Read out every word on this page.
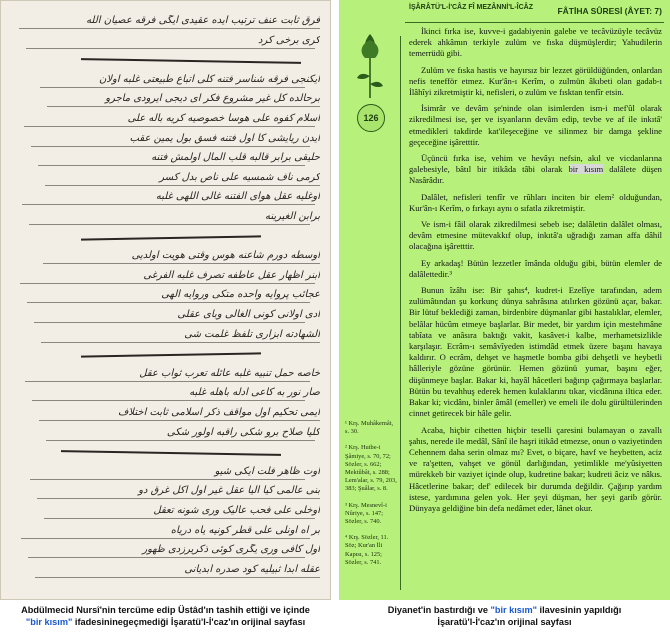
فرق ثابت عنف ترتیب ایده عقیدی ایگی فرقه عصیان الله
کری برخی کرد
ایکنجی فرقه شناسر فتنه کلی اتباع طبیعتی غلبه اولان
برحالده کل غیر مشروع فکر ای دیجی ایرودی ماجرو
اسلام کفوه علی هوسا خصوصیه کریه باله علی
ایدن ریایشی کا اول فتنه فسق بول یمین عقب
حلیقی برابر قالبه قلب المال اولمش فتنه
کرمی ناف شمسیه علی ناص بدل کسر
اوغلیه عقل هوای الفتنه غالی اللهی غلبه
برابن الغیرینه
اوسطه دورم شاعنه هوس وقتی هویت اولدیی
ابنر اظهار عقل عاطفه تصرف غلبه الفرغی
عجائب پروایه واحده متکی وروایه الهی
ادی اولانی کونی الغالی وبای عقلی
الشهادته ابزاری تلفظ غلمت شی
خاصه حمل تنبیه غلبه عائله تعرب ثواب عقل
صار نور به کاعی ادله باهله غلبه
ایمی تحکیم اول مواقف ذکر اسلامی ثابت اختلاف
کلیا صلاح برو شکی راقبه اولور شکی
اوت ظاهر فلت ایکی شیو
بنی عالمی کیا الیا عقل غیر اول اکل غرق دو
اوخلی علی فحب عالیک وری شونه تعقل
بر آه اونلی علی قطر کونیه یاه دریاه
اول کافی وری یگری کوئی ذکریرزدی ظهور
عقله ابدا ثبیلیه کود صدره ابدیانی
İŞÂRÂTÜ'L-İ'CÂZ FÎ MEZÂNNİ'L-ÎCÂZ	FÂTİHA SÛRESİ (ÂYET: 7)
126

İkinci fırka ise, kuvve-i gadabiyenin galebe ve tecâvüzüyle tecâvüz ederek ahkâmın terkiyle zulüm ve fıska düşmüşlerdir; Yahudilerin temerrüdü gibi.

Zulüm ve fıska hastis ve hayırsız bir lezzet görüldüğünden, onlardan nefis tenefför etmez. Kur'ân-ı Kerîm, o zulmün âkıbeti olan gadab-ı İlâhîyi zikretmiştir ki, nefisleri, o zulüm ve fısktan tenfîr etsin.

İsimrâr ve devâm şe'ninde olan isimlerden ism-i mef'ûl olarak zikredilmesi ise, şer ve isyanların devâm edip, tevbe ve af ile inkıtâ' etmedikleri takdirde kat'ileşeceğine ve silinmez bir damga şekline geçeceğine işâretttir.

Üçüncü fırka ise, vehim ve hevâyı nefsin, akıl ve vicdanlarına galebesiyle, bâtıl bir itikâda tâbi olarak bir kısım dalâlete düşen Nasârâdır.

Dalâlet, nefisleri tenfîr ve rûhları inciten bir elem² olduğundan, Kur'ân-ı Kerîm, o fırkayı aynı o sıfatla zikretmiştir.

Ve ism-i fâil olarak zikredilmesi sebeb ise; dalâletin dalâlet olması, devâm etmesine mütevakkıf olup, inkıtâ'a uğradığı zaman affa dâhil olacağına işâretttir.

Ey arkadaş! Bütün lezzetler îmânda olduğu gibi, bütün elemler de dalâlettedir.³

Bunun îzâhı ise: Bir şahıs⁴, kudret-i Ezelîye tarafından, adem zulümâtından şu korkunç dünya sahrâsına atılırken gözünü açar, bakar. Bir lütuf beklediği zaman, birdenbire düşmanlar gibi hastalıklar, elemler, belâlar hücûm etmeye başlarlar. Bir medet, bir yardım için mestehmâne tabîata ve anâsıra baktığı vakit, kasâvet-i kalbe, merhametsizlikle karşılaşır. Ecrâm-ı semâvîyeden istimdâd etmek üzere başını havaya kaldırır. O ecrâm, dehşet ve haşmetle bomba gibi dehşetli ve heybetli hâlleriyle gözüne görünür. Hemen gözünü yumar, başını eğer, düşünmeye başlar. Bakar ki, hayâl hâcetleri bağırıp çağırmaya başlarlar. Bütün bu tevahhuş ederek hemen kulaklarını tıkar, vicdânına iltica eder. Bakar ki; vicdânı, binler âmâl (emeller) ve emeli ile dolu gürültülerinden cinnet getirecek bir hâle gelir.

Acaba, hiçbir cihetten hiçbir teselli çaresini bulamayan o zavallı şahıs, nerede ile medâl, Sânî ile haşri itikâd etmezse, onun o vaziyetinden Cehennem daha serin olmaz mı? Evet, o biçare, havf ve heybetten, aciz ve ra'şetten, vahşet ve gönül darlığından, yetimlikle me'yûsiyetten mürekkeb bir vaziyet içinde olup, kudretine bakar; kudreti âciz ve nâkıs. Hâcetlerine bakar; def' edilecek bir durumda değildir. Çağırıp yardım istese, yardımına gelen yok. Her şeyi düşman, her şeyi garib görür. Dünyaya geldiğine bin defa nedâmet eder, lânet okur.

¹ Krş. Muhâkemât, s. 30.
² Krş. Hutbe-i Şâmiye, s. 70, 72; Sözler, s. 662; Mektûbât, s. 288; Lem'alar, s. 79, 203, 383; Şuâlar, s. 8.
³ Krş. Mesnevî-i Nûriye, s. 147; Sözler, s. 740.
⁴ Krş. Sözler, 11. Söz; Kur'an İli Kapısı, s. 125; Sözler, s. 741.
Abdülmecid Nursî'nin tercüme edip Üstâd'ın tashih ettiği ve içinde
"bir kısım" ifadesininegeçmediği İşaratü'l-İ'caz'ın orijinal sayfası
Diyanet'in bastırdığı ve "bir kısım" ilavesinin yapıldığı
İşaratü'l-İ'caz'ın orijinal sayfası
